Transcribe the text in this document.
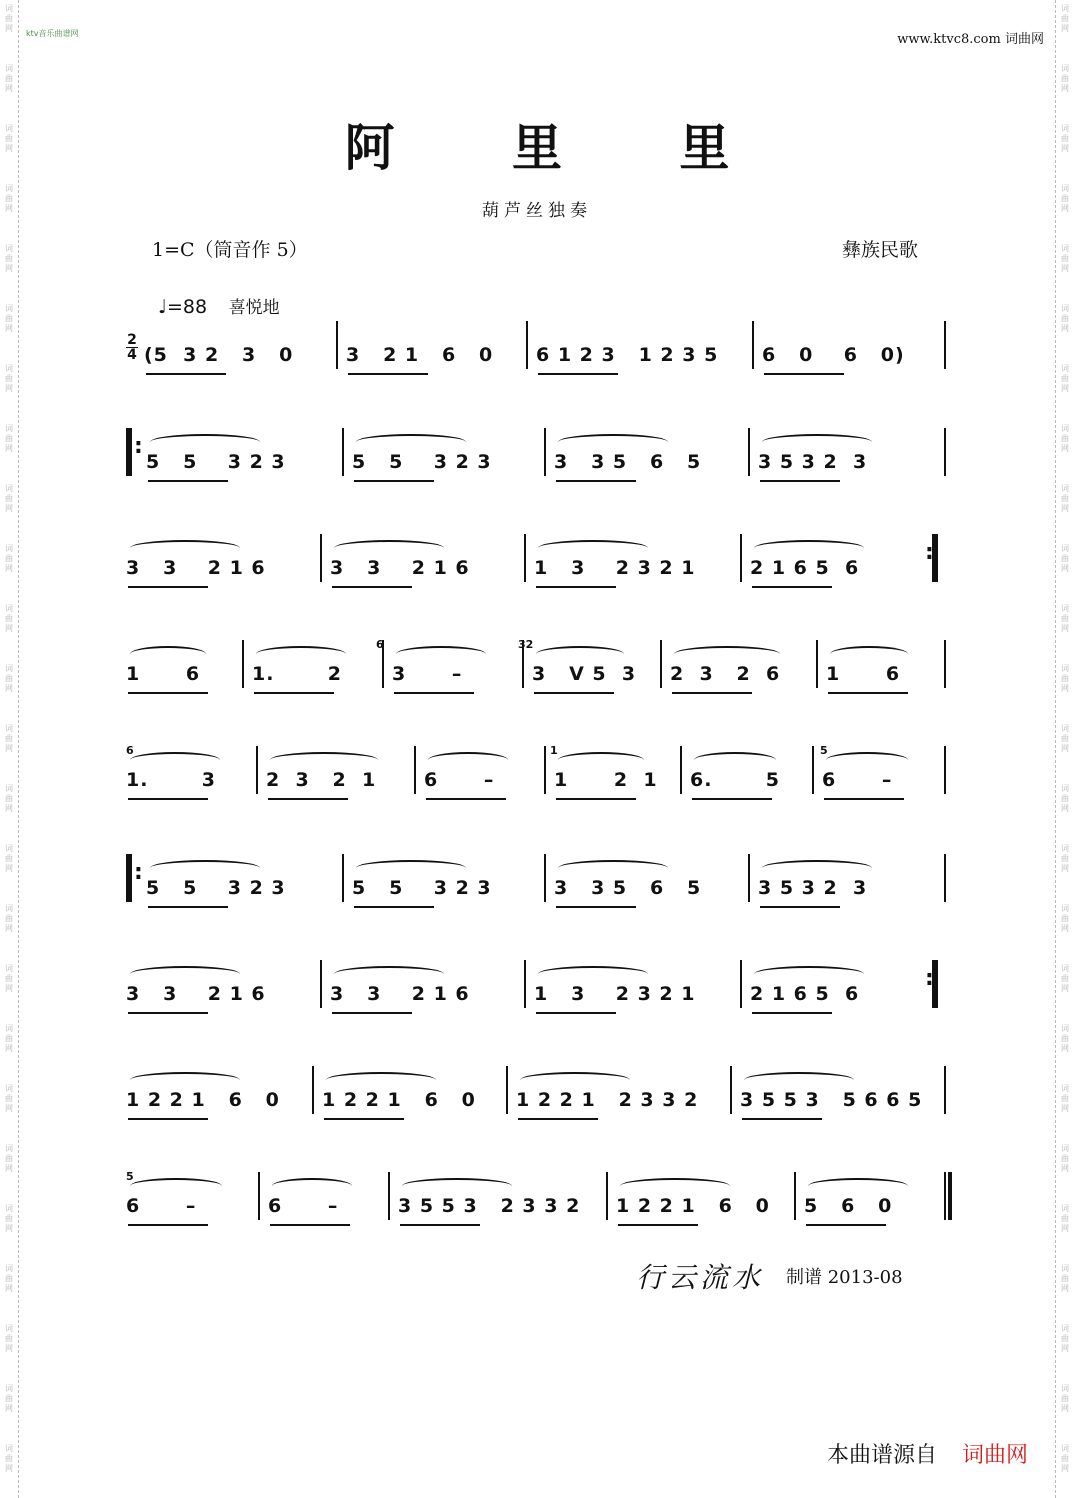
词
曲
网
词
曲
网
词
曲
网
词
曲
网
词
曲
网
词
曲
网
词
曲
网
词
曲
网
词
曲
网
词
曲
网
词
曲
网
词
曲
网
词
曲
网
词
曲
网
词
曲
网
词
曲
网
词
曲
网
词
曲
网
词
曲
网
词
曲
网
词
曲
网
词
曲
网
词
曲
网
词
曲
网
词
曲
网
词
曲
网
词
曲
网
词
曲
网
词
曲
网
词
曲
网
词
曲
网
词
曲
网
词
曲
网
词
曲
网
词
曲
网
词
曲
网
词
曲
网
词
曲
网
词
曲
网
词
曲
网
词
曲
网
词
曲
网
词
曲
网
词
曲
网
词
曲
网
词
曲
网
词
曲
网
词
曲
网
词
曲
网
词
曲
网
ktv音乐曲谱网	www.ktvc8.com 词曲网
阿 里 里
葫芦丝独奏
1=C（筒音作 5）	彝族民歌
♩=88 喜悦地
2
4 (5  3 2   3   0	3   2 1   6   0	6 1 2 3   1 2 3 5	6   0    6   0)
:
5   5    3 2 3	5   5    3 2 3	3   3 5   6   5	3 5 3 2  3
3   3    2 1 6	3   3    2 1 6	1   3    2 3 2 1	2 1 6 5  6
:
1      6	1.       2	3      –	3   V 5  3	2  3   2  6	1      6
6	32
1.       3	2  3   2  1	6      –	1      2  1	6.       5	6      –
6	1	5
:
5   5    3 2 3	5   5    3 2 3	3   3 5   6   5	3 5 3 2  3
3   3    2 1 6	3   3    2 1 6	1   3    2 3 2 1	2 1 6 5  6
:
1 2 2 1   6   0	1 2 2 1   6   0	1 2 2 1   2 3 3 2	3 5 5 3   5 6 6 5
6      –	6      –	3 5 5 3   2 3 3 2	1 2 2 1   6   0	5   6   0
5
行云流水 制谱 2013-08
本曲谱源自 词曲网
